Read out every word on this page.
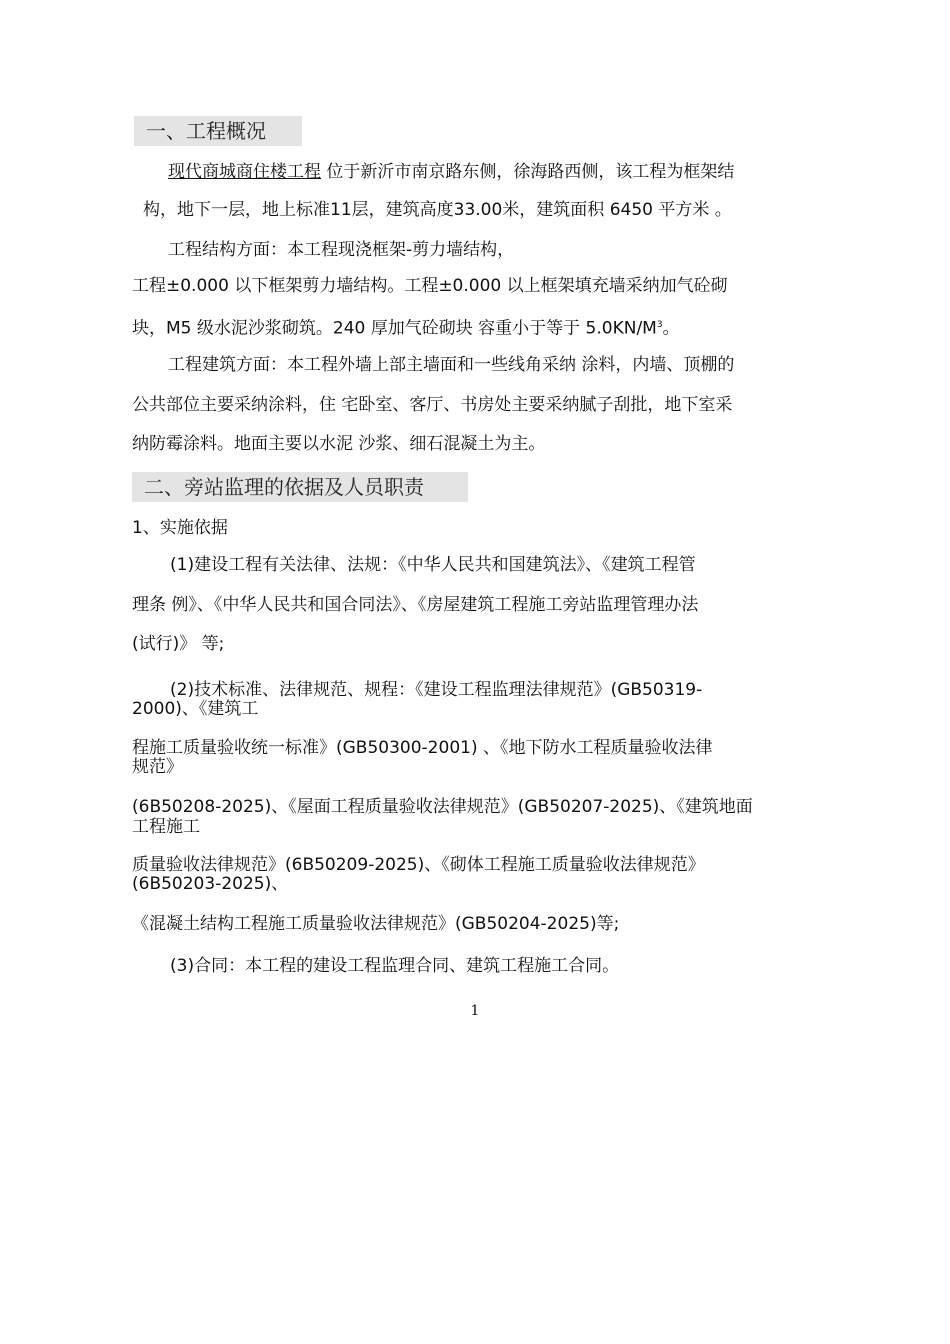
一、工程概况
现代商城商住楼工程 位于新沂市南京路东侧，徐海路西侧，该工程为框架结
构，地下一层，地上标准11层，建筑高度33.00米，建筑面积 6450 平方米 。
工程结构方面：本工程现浇框架-剪力墙结构，
工程±0.000 以下框架剪力墙结构。工程±0.000 以上框架填充墙采纳加气砼砌
块，M5 级水泥沙浆砌筑。240 厚加气砼砌块 容重小于等于 $5.0KN/M^3$。
工程建筑方面：本工程外墙上部主墙面和一些线角采纳 涂料，内墙、顶棚的
公共部位主要采纳涂料，住 宅卧室、客厅、书房处主要采纳腻子刮批，地下室采
纳防霉涂料。地面主要以水泥 沙浆、细石混凝土为主。
二、旁站监理的依据及人员职责
1、实施依据
(1)建设工程有关法律、法规：《中华人民共和国建筑法》、《建筑工程管
理条 例》、《中华人民共和国合同法》、《房屋建筑工程施工旁站监理管理办法
(试行)》 等;
(2)技术标准、法律规范、规程：《建设工程监理法律规范》(GB50319-
2000)、《建筑工
程施工质量验收统一标准》(GB50300-2001) 、《地下防水工程质量验收法律
规范》
(6B50208-2025)、《屋面工程质量验收法律规范》(GB50207-2025)、《建筑地面
工程施工
质量验收法律规范》(6B50209-2025)、《砌体工程施工质量验收法律规范》
(6B50203-2025)、
《混凝土结构工程施工质量验收法律规范》(GB50204-2025)等;
(3)合同：本工程的建设工程监理合同、建筑工程施工合同。
1
